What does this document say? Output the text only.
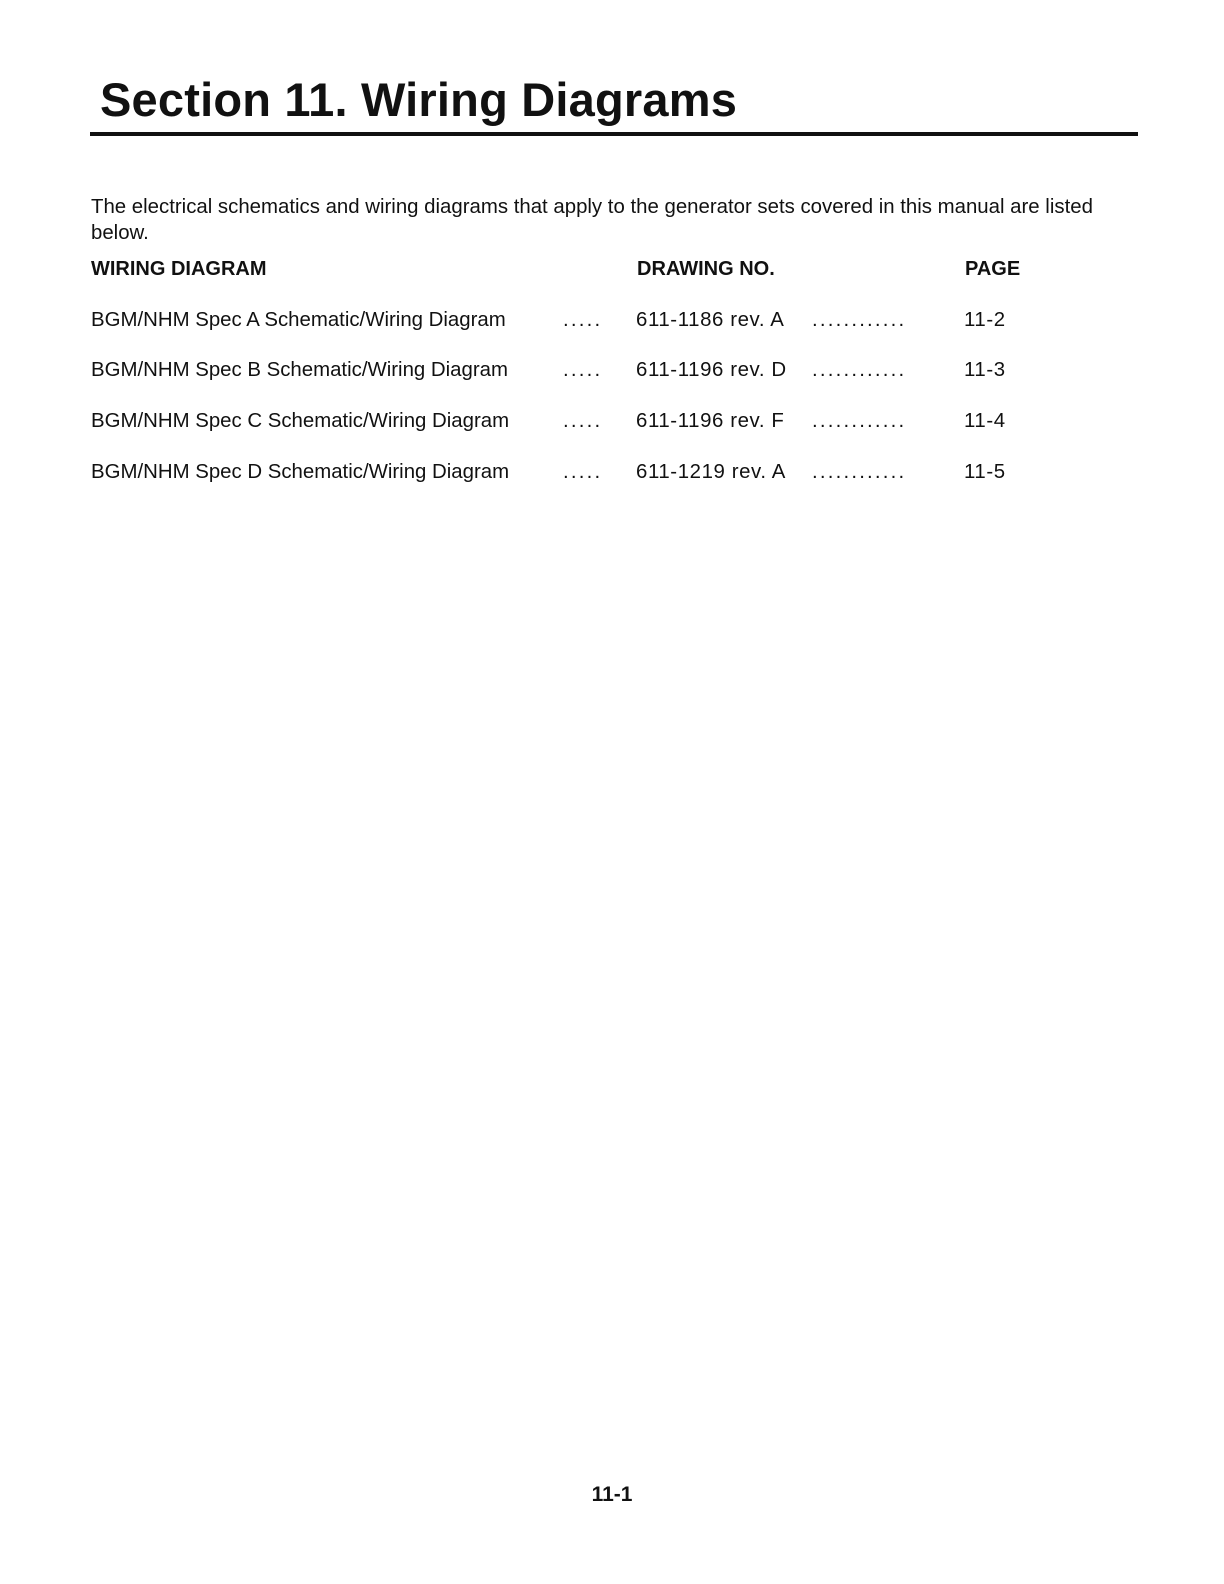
Section 11. Wiring Diagrams

The electrical schematics and wiring diagrams that apply to the generator sets covered in this manual are listed below.

WIRING DIAGRAM	DRAWING NO.	PAGE
BGM/NHM Spec A Schematic/Wiring Diagram	..... 611-1186 rev. A ............	11-2
BGM/NHM Spec B Schematic/Wiring Diagram	..... 611-1196 rev. D ............	11-3
BGM/NHM Spec C Schematic/Wiring Diagram	..... 611-1196 rev. F ............	11-4
BGM/NHM Spec D Schematic/Wiring Diagram	..... 611-1219 rev. A ............	11-5
11-1
